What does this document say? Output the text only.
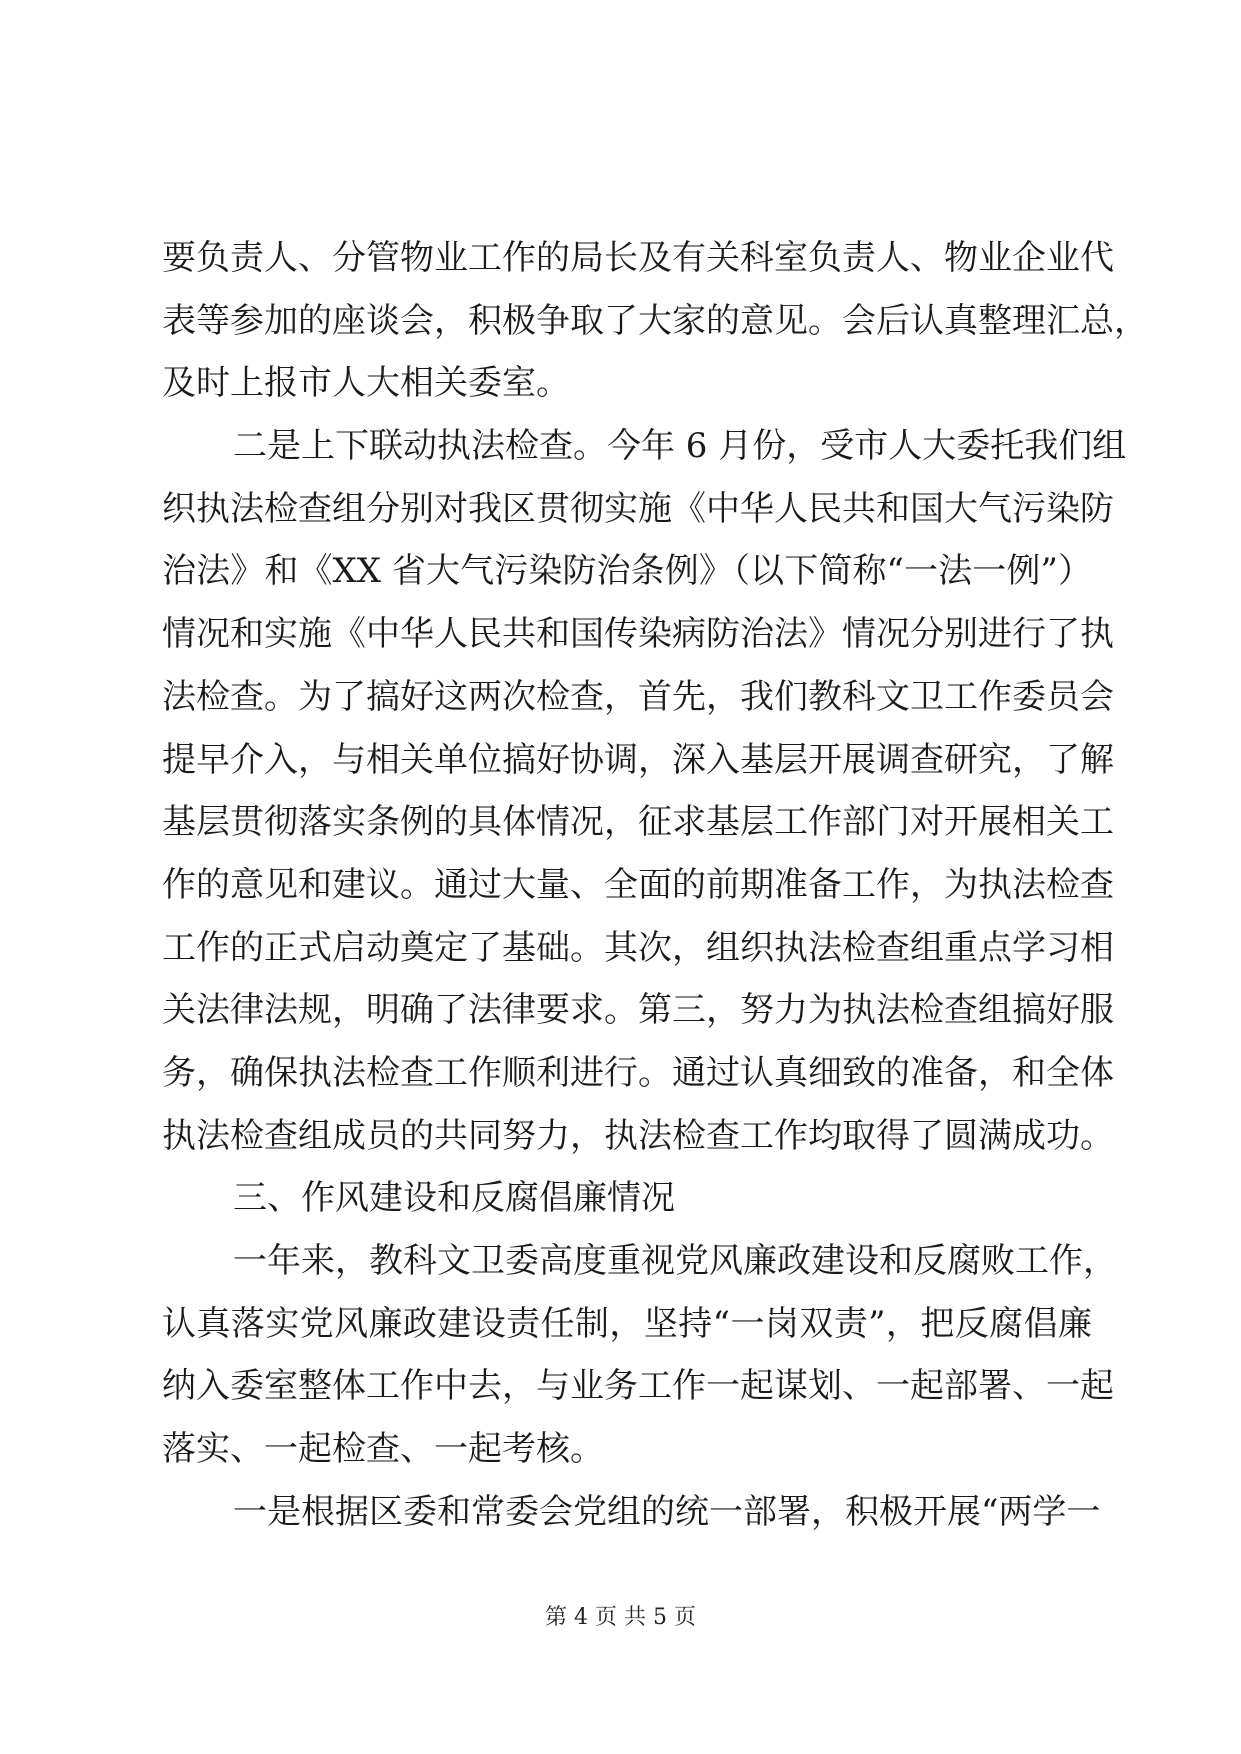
要负责人、分管物业工作的局长及有关科室负责人、物业企业代
表等参加的座谈会，积极争取了大家的意见。会后认真整理汇总，
及时上报市人大相关委室。
二是上下联动执法检查。今年 6 月份，受市人大委托我们组
织执法检查组分别对我区贯彻实施《中华人民共和国大气污染防
治法》和《XX 省大气污染防治条例》（以下简称“一法一例”）
情况和实施《中华人民共和国传染病防治法》情况分别进行了执
法检查。为了搞好这两次检查，首先，我们教科文卫工作委员会
提早介入，与相关单位搞好协调，深入基层开展调查研究，了解
基层贯彻落实条例的具体情况，征求基层工作部门对开展相关工
作的意见和建议。通过大量、全面的前期准备工作，为执法检查
工作的正式启动奠定了基础。其次，组织执法检查组重点学习相
关法律法规，明确了法律要求。第三，努力为执法检查组搞好服
务，确保执法检查工作顺利进行。通过认真细致的准备，和全体
执法检查组成员的共同努力，执法检查工作均取得了圆满成功。
三、作风建设和反腐倡廉情况
一年来，教科文卫委高度重视党风廉政建设和反腐败工作，
认真落实党风廉政建设责任制，坚持“一岗双责”，把反腐倡廉
纳入委室整体工作中去，与业务工作一起谋划、一起部署、一起
落实、一起检查、一起考核。
一是根据区委和常委会党组的统一部署，积极开展“两学一
第 4 页 共 5 页
